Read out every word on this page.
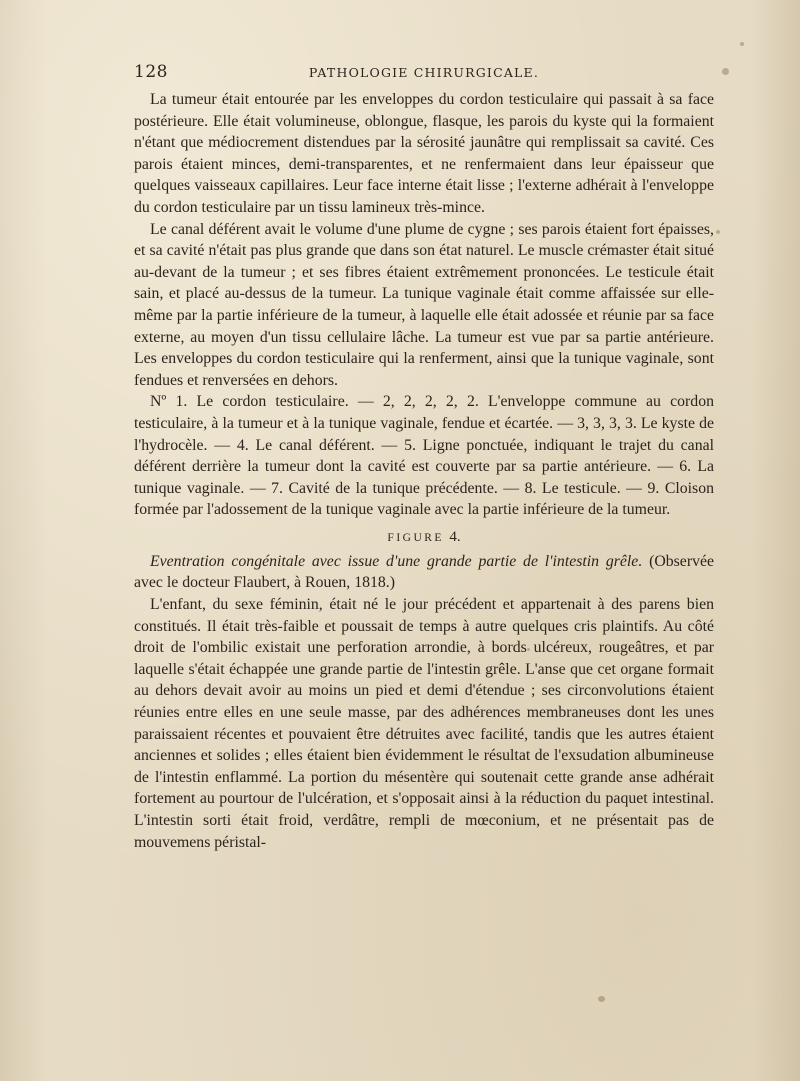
128	PATHOLOGIE CHIRURGICALE.

La tumeur était entourée par les enveloppes du cordon testiculaire qui passait à sa face postérieure. Elle était volumineuse, oblongue, flasque, les parois du kyste qui la formaient n'étant que médiocrement distendues par la sérosité jaunâtre qui remplissait sa cavité. Ces parois étaient minces, demi-transparentes, et ne renfermaient dans leur épaisseur que quelques vaisseaux capillaires. Leur face interne était lisse ; l'externe adhérait à l'enveloppe du cordon testiculaire par un tissu lamineux très-mince.

Le canal déférent avait le volume d'une plume de cygne ; ses parois étaient fort épaisses, et sa cavité n'était pas plus grande que dans son état naturel. Le muscle crémaster était situé au-devant de la tumeur ; et ses fibres étaient extrêmement prononcées. Le testicule était sain, et placé au-dessus de la tumeur. La tunique vaginale était comme affaissée sur elle-même par la partie inférieure de la tumeur, à laquelle elle était adossée et réunie par sa face externe, au moyen d'un tissu cellulaire lâche. La tumeur est vue par sa partie antérieure. Les enveloppes du cordon testiculaire qui la renferment, ainsi que la tunique vaginale, sont fendues et renversées en dehors.

Nº 1. Le cordon testiculaire. — 2, 2, 2, 2, 2. L'enveloppe commune au cordon testiculaire, à la tumeur et à la tunique vaginale, fendue et écartée. — 3, 3, 3, 3. Le kyste de l'hydrocèle. — 4. Le canal déférent. — 5. Ligne ponctuée, indiquant le trajet du canal déférent derrière la tumeur dont la cavité est couverte par sa partie antérieure. — 6. La tunique vaginale. — 7. Cavité de la tunique précédente. — 8. Le testicule. — 9. Cloison formée par l'adossement de la tunique vaginale avec la partie inférieure de la tumeur.

FIGURE 4.

Eventration congénitale avec issue d'une grande partie de l'intestin grêle. (Observée avec le docteur Flaubert, à Rouen, 1818.)

L'enfant, du sexe féminin, était né le jour précédent et appartenait à des parens bien constitués. Il était très-faible et poussait de temps à autre quelques cris plaintifs. Au côté droit de l'ombilic existait une perforation arrondie, à bords ulcéreux, rougeâtres, et par laquelle s'était échappée une grande partie de l'intestin grêle. L'anse que cet organe formait au dehors devait avoir au moins un pied et demi d'étendue ; ses circonvolutions étaient réunies entre elles en une seule masse, par des adhérences membraneuses dont les unes paraissaient récentes et pouvaient être détruites avec facilité, tandis que les autres étaient anciennes et solides ; elles étaient bien évidemment le résultat de l'exsudation albumineuse de l'intestin enflammé. La portion du mésentère qui soutenait cette grande anse adhérait fortement au pourtour de l'ulcération, et s'opposait ainsi à la réduction du paquet intestinal. L'intestin sorti était froid, verdâtre, rempli de mœconium, et ne présentait pas de mouvemens péristal-
